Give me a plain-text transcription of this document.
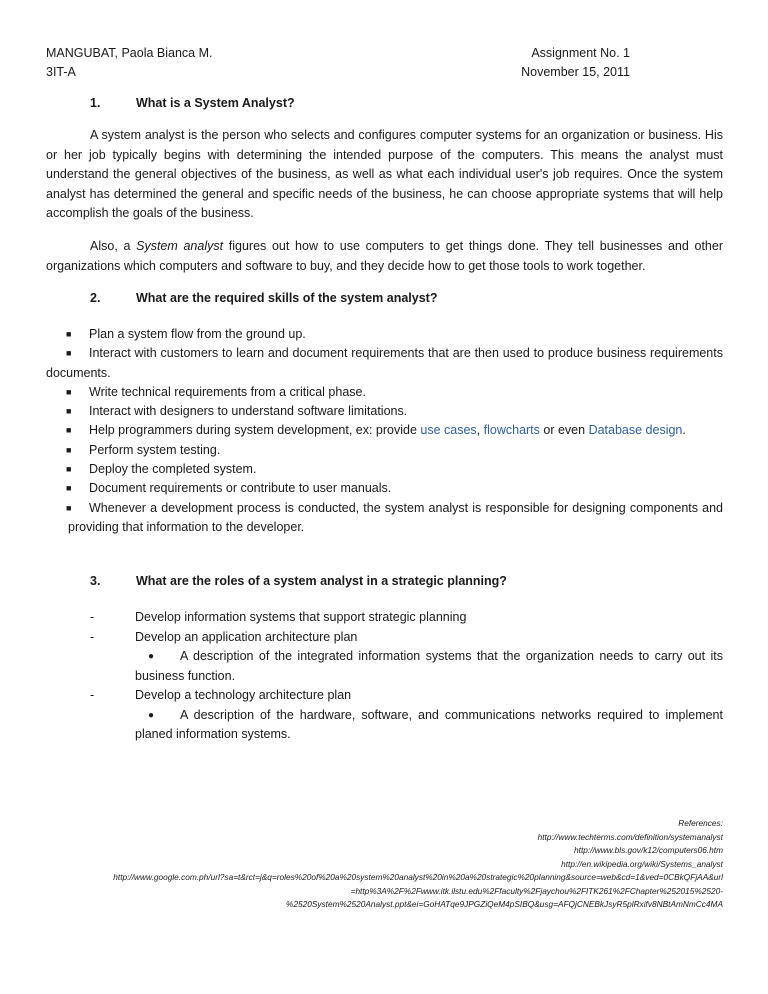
MANGUBAT, Paola Bianca M.
3IT-A
Assignment No. 1
November 15, 2011
1.	What is a System Analyst?

A system analyst is the person who selects and configures computer systems for an organization or business. His or her job typically begins with determining the intended purpose of the computers. This means the analyst must understand the general objectives of the business, as well as what each individual user's job requires. Once the system analyst has determined the general and specific needs of the business, he can choose appropriate systems that will help accomplish the goals of the business.

Also, a System analyst figures out how to use computers to get things done. They tell businesses and other organizations which computers and software to buy, and they decide how to get those tools to work together.

2.	What are the required skills of the system analyst?
■	Plan a system flow from the ground up.
■	Interact with customers to learn and document requirements that are then used to produce business requirements documents.
■	Write technical requirements from a critical phase.
■	Interact with designers to understand software limitations.
■	Help programmers during system development, ex: provide use cases, flowcharts or even Database design.
■	Perform system testing.
■	Deploy the completed system.
■	Document requirements or contribute to user manuals.
■	Whenever a development process is conducted, the system analyst is responsible for designing components and providing that information to the developer.
3.	What are the roles of a system analyst in a strategic planning?
-	Develop information systems that support strategic planning
-	Develop an application architecture plan
●	A description of the integrated information systems that the organization needs to carry out its business function.
-	Develop a technology architecture plan
●	A description of the hardware, software, and communications networks required to implement planed information systems.
References:
http://www.techterms.com/definition/systemanalyst
http://www.bls.gov/k12/computers06.htm
http://en.wikipedia.org/wiki/Systems_analyst
http://www.google.com.ph/url?sa=t&rct=j&q=roles%20of%20a%20system%20analyst%20in%20a%20strategic%20planning&source=web&cd=1&ved=0CBkQFjAA&url
=http%3A%2F%2Fwww.itk.ilstu.edu%2Ffaculty%2Fjaychou%2FITK261%2FChapter%252015%2520-
%2520System%2520Analyst.ppt&ei=GoHATqe9JPGZiQeM4pSIBQ&usg=AFQjCNEBkJsyR5plRxifv8NBtAmNmCc4MA
